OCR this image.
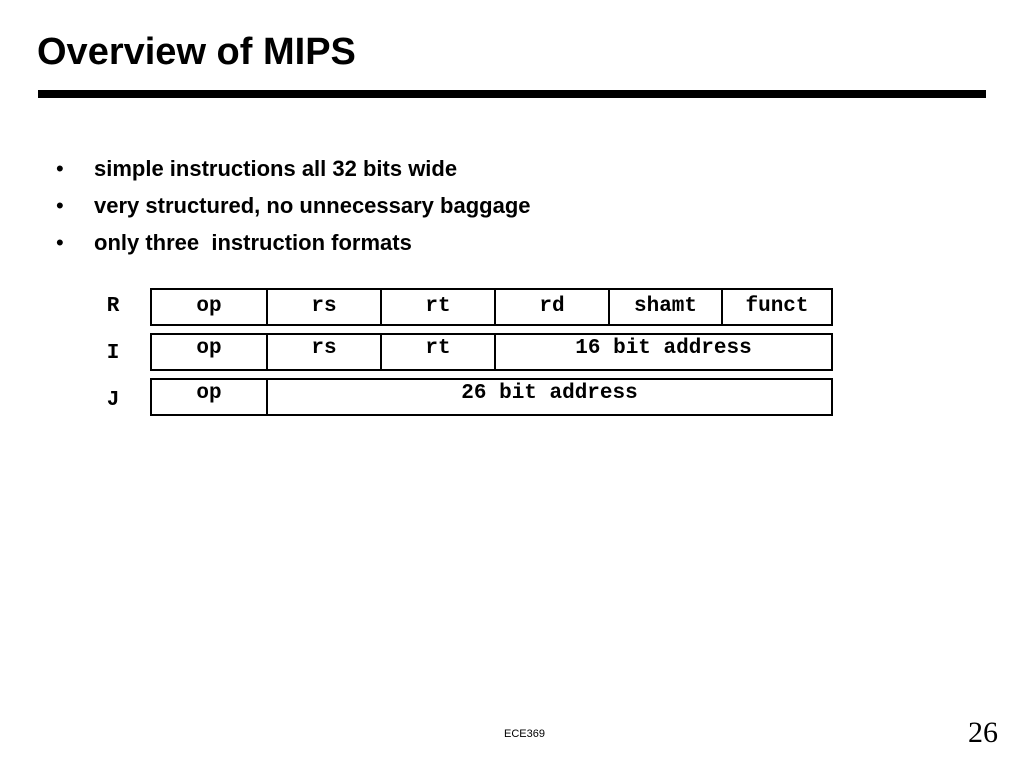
Overview of MIPS

•

simple instructions all 32 bits wide

•

very structured, no unnecessary baggage

•

only three  instruction formats

R	op	rs	rt	rd	shamt	funct
I	op	rs	rt	16 bit address
J	op	26 bit address
ECE369	26
